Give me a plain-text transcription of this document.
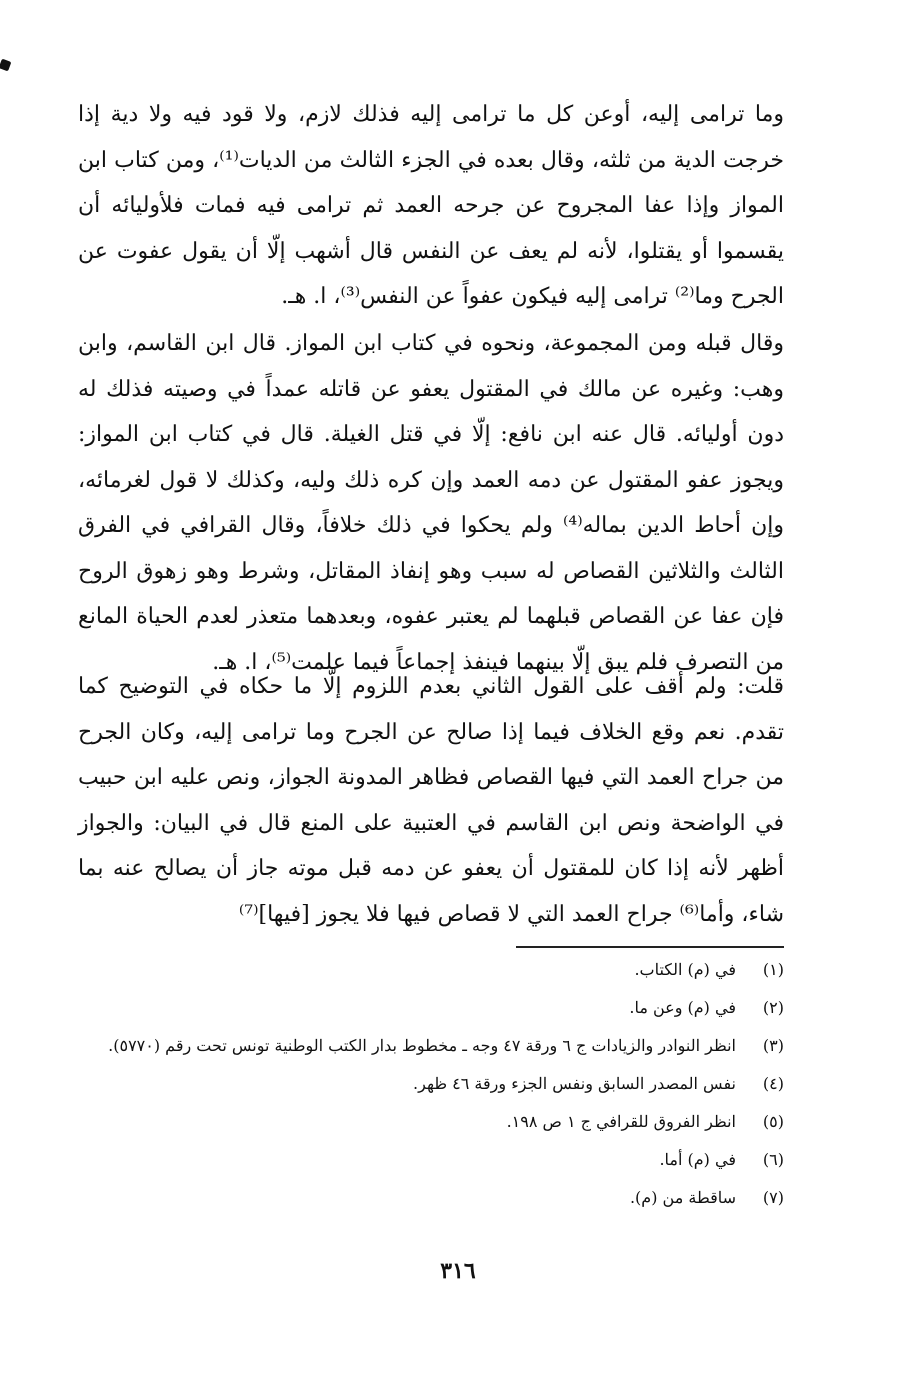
وما ترامى إليه، أوعن كل ما ترامى إليه فذلك لازم، ولا قود فيه ولا دية إذا خرجت الدية من ثلثه، وقال بعده في الجزء الثالث من الديات⁽¹⁾، ومن كتاب ابن المواز وإذا عفا المجروح عن جرحه العمد ثم ترامى فيه فمات فلأوليائه أن يقسموا أو يقتلوا، لأنه لم يعف عن النفس قال أشهب إلّا أن يقول عفوت عن الجرح وما⁽²⁾ ترامى إليه فيكون عفواً عن النفس⁽³⁾، ا. هـ.

وقال قبله ومن المجموعة، ونحوه في كتاب ابن المواز. قال ابن القاسم، وابن وهب: وغيره عن مالك في المقتول يعفو عن قاتله عمداً في وصيته فذلك له دون أوليائه. قال عنه ابن نافع: إلّا في قتل الغيلة. قال في كتاب ابن المواز: ويجوز عفو المقتول عن دمه العمد وإن كره ذلك وليه، وكذلك لا قول لغرمائه، وإن أحاط الدين بماله⁽⁴⁾ ولم يحكوا في ذلك خلافاً، وقال القرافي في الفرق الثالث والثلاثين القصاص له سبب وهو إنفاذ المقاتل، وشرط وهو زهوق الروح فإن عفا عن القصاص قبلهما لم يعتبر عفوه، وبعدهما متعذر لعدم الحياة المانع من التصرف فلم يبق إلّا بينهما فينفذ إجماعاً فيما علمت⁽⁵⁾، ا. هـ.

قلت: ولم أقف على القول الثاني بعدم اللزوم إلّا ما حكاه في التوضيح كما تقدم. نعم وقع الخلاف فيما إذا صالح عن الجرح وما ترامى إليه، وكان الجرح من جراح العمد التي فيها القصاص فظاهر المدونة الجواز، ونص عليه ابن حبيب في الواضحة ونص ابن القاسم في العتبية على المنع قال في البيان: والجواز أظهر لأنه إذا كان للمقتول أن يعفو عن دمه قبل موته جاز أن يصالح عنه بما شاء، وأما⁽⁶⁾ جراح العمد التي لا قصاص فيها فلا يجوز [فيها]⁽⁷⁾

(١)
في (م) الكتاب.
(٢)
في (م) وعن ما.
(٣)
انظر النوادر والزيادات ج ٦ ورقة ٤٧ وجه ـ مخطوط بدار الكتب الوطنية تونس تحت رقم (٥٧٧٠).
(٤)
نفس المصدر السابق ونفس الجزء ورقة ٤٦ ظهر.
(٥)
انظر الفروق للقرافي ج ١ ص ١٩٨.
(٦)
في (م) أما.
(٧)
ساقطة من (م).
٣١٦
